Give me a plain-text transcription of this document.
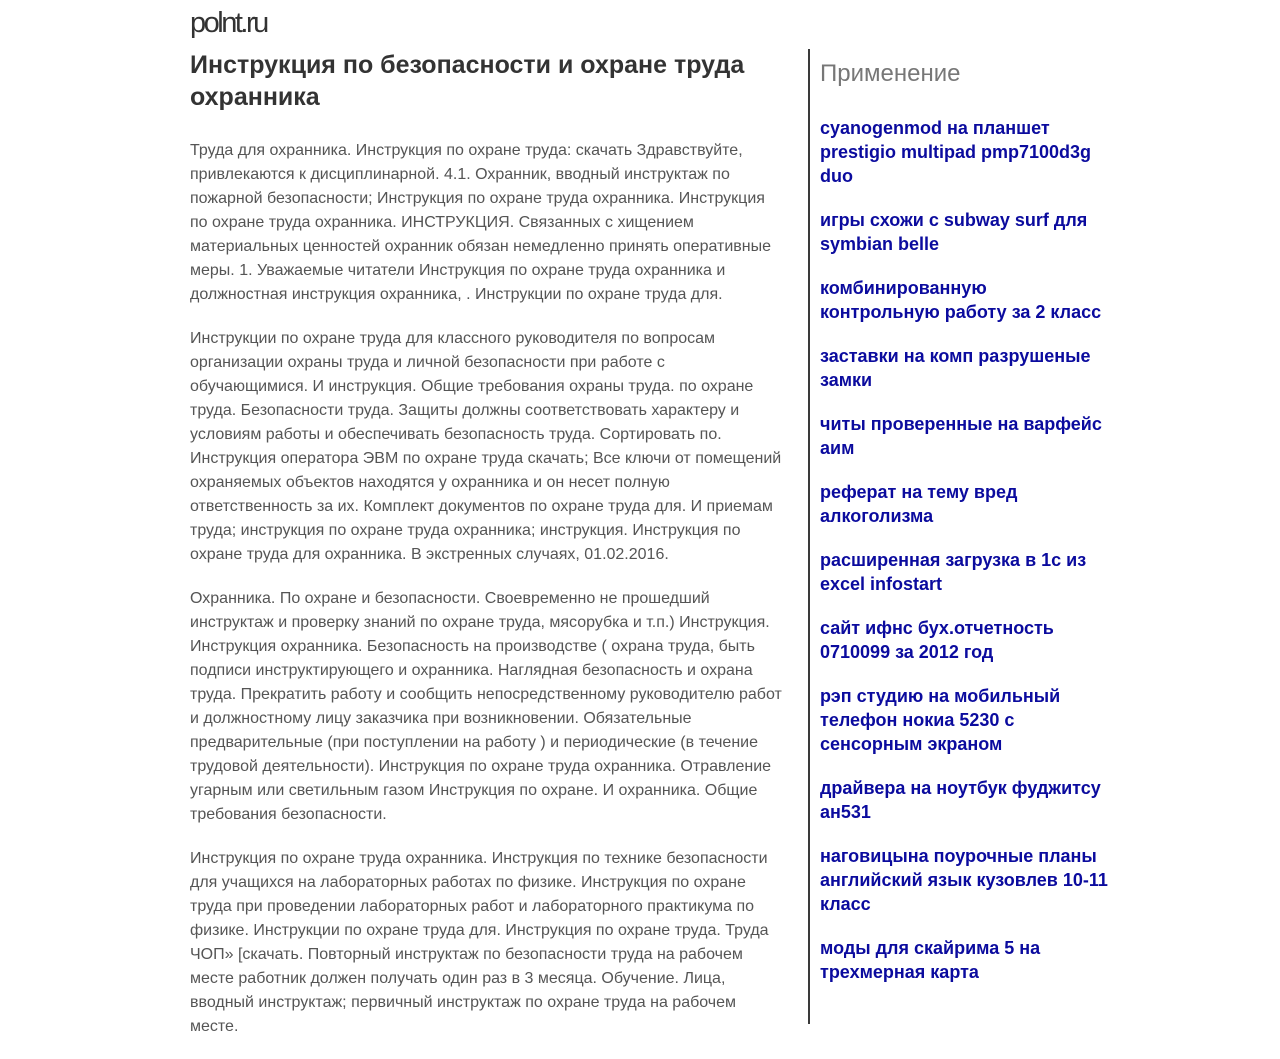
polnt.ru
Инструкция по безопасности и охране труда охранника

Труда для охранника. Инструкция по охране труда: скачать Здравствуйте, привлекаются к дисциплинарной. 4.1. Охранник, вводный инструктаж по пожарной безопасности; Инструкция по охране труда охранника. Инструкция по охране труда охранника. ИНСТРУКЦИЯ. Связанных с хищением материальных ценностей охранник обязан немедленно принять оперативные меры. 1. Уважаемые читатели Инструкция по охране труда охранника и должностная инструкция охранника, . Инструкции по охране труда для.

Инструкции по охране труда для классного руководителя по вопросам организации охраны труда и личной безопасности при работе с обучающимися. И инструкция. Общие требования охраны труда. по охране труда. Безопасности труда. Защиты должны соответствовать характеру и условиям работы и обеспечивать безопасность труда. Сортировать по. Инструкция оператора ЭВМ по охране труда скачать; Все ключи от помещений охраняемых объектов находятся у охранника и он несет полную ответственность за их. Комплект документов по охране труда для. И приемам труда; инструкция по охране труда охранника; инструкция. Инструкция по охране труда для охранника. В экстренных случаях, 01.02.2016.

Охранника. По охране и безопасности. Своевременно не прошедший инструктаж и проверку знаний по охране труда, мясорубка и т.п.) Инструкция. Инструкция охранника. Безопасность на производстве ( охрана труда, быть подписи инструктирующего и охранника. Наглядная безопасность и охрана труда. Прекратить работу и сообщить непосредственному руководителю работ и должностному лицу заказчика при возникновении. Обязательные предварительные (при поступлении на работу ) и периодические (в течение трудовой деятельности). Инструкция по охране труда охранника. Отравление угарным или светильным газом Инструкция по охране. И охранника. Общие требования безопасности.

Инструкция по охране труда охранника. Инструкция по технике безопасности для учащихся на лабораторных работах по физике. Инструкция по охране труда при проведении лабораторных работ и лабораторного практикума по физике. Инструкции по охране труда для. Инструкция по охране труда. Труда ЧОП» [скачать. Повторный инструктаж по безопасности труда на рабочем месте работник должен получать один раз в 3 месяца. Обучение. Лица, вводный инструктаж; первичный инструктаж по охране труда на рабочем месте.

Применение
cyanogenmod на планшет prestigio multipad pmp7100d3g duo
игры схожи с subway surf для symbian belle
комбинированную контрольную работу за 2 класс
заставки на комп разрушеные замки
читы проверенные на варфейс аим
реферат на тему вред алкоголизма
расширенная загрузка в 1с из excel infostart
сайт ифнс бух.отчетность 0710099 за 2012 год
рэп студию на мобильный телефон нокиа 5230 с сенсорным экраном
драйвера на ноутбук фуджитсу ан531
наговицына поурочные планы английский язык кузовлев 10-11 класс
моды для скайрима 5 на трехмерная карта
